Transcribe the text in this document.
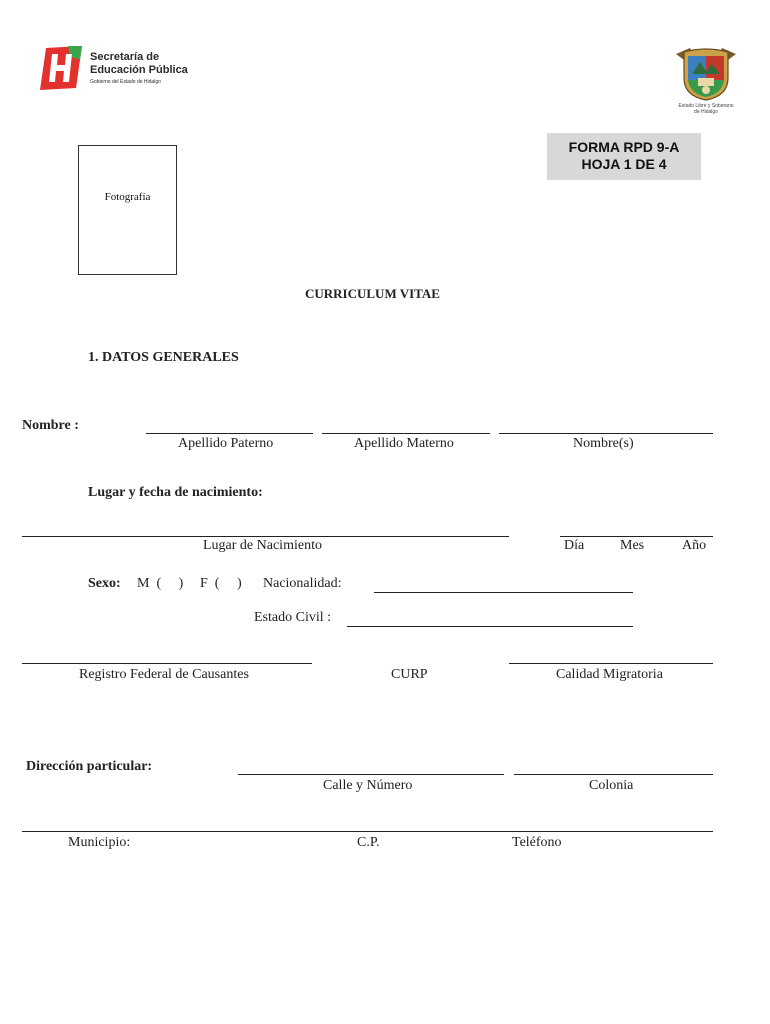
Secretaría de
Educación Pública
Gobierno del Estado de Hidalgo
Estado Libre y Soberano
de Hidalgo
FORMA RPD 9-A
HOJA 1 DE 4
Fotografía
CURRICULUM VITAE
1. DATOS GENERALES
Nombre :
Apellido Paterno	Apellido Materno	Nombre(s)
Lugar y fecha de nacimiento:
Lugar de Nacimiento	Día	Mes	Año
Sexo: M  (     ) F  (     ) Nacionalidad:
Estado Civil :
Registro Federal de Causantes	CURP	Calidad Migratoria
Dirección particular:
Calle y Número	Colonia
Municipio:	C.P.	Teléfono
